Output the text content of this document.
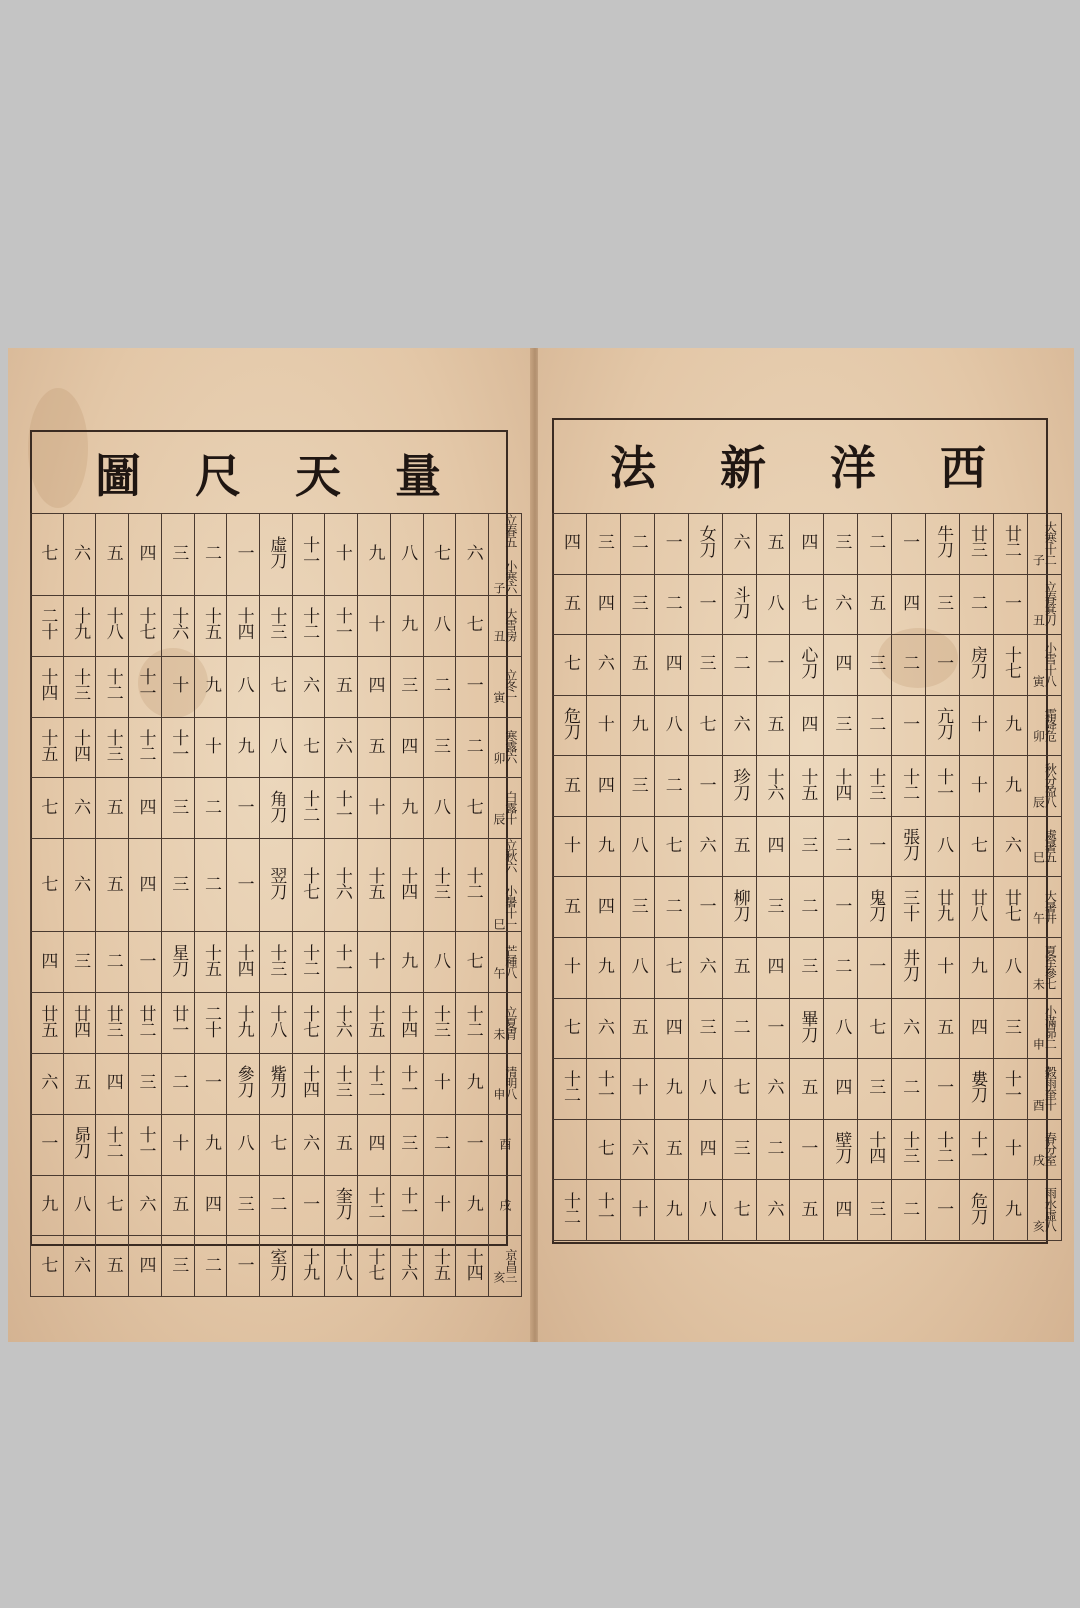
量
天
尺
圖
七	六	五	四	三	二	一	虛刀	十一	十	九	八	七	六	子立春五 小寒六
二十	十九	十八	十七	十六	十五	十四	十三	十二	十一	十	九	八	七	丑大雪房
十四	十三	十二	十一	十	九	八	七	六	五	四	三	二	一	寅立冬一
十五	十四	十三	十二	十一	十	九	八	七	六	五	四	三	二	卯寒露六
七	六	五	四	三	二	一	角刀	十二	十一	十	九	八	七	辰白露十
七	六	五	四	三	二	一	翌刀	十七	十六	十五	十四	十三	十二	巳立秋六 小暑十一
四	三	二	一	星刀	十五	十四	十三	十二	十一	十	九	八	七	午芒種八
廿五	廿四	廿三	廿二	廿一	二十	十九	十八	十七	十六	十五	十四	十三	十二	未立夏胃
六	五	四	三	二	一	參刀	觜刀	十四	十三	十二	十一	十	九	申清明八
一	昴刀	十二	十一	十	九	八	七	六	五	四	三	二	一	酉
九	八	七	六	五	四	三	二	一	奎刀	十二	十一	十	九	戌
七	六	五	四	三	二	一	室刀	十九	十八	十七	十六	十五	十四	亥京昌三
西
洋
新
法
四	三	二	一	女刀	六	五	四	三	二	一	牛刀	廿三	廿二	子大寒十二
五	四	三	二	一	斗刀	八	七	六	五	四	三	二	一	丑立春箕刀
七	六	五	四	三	二	一	心刀	四	三	二	一	房刀	十七	寅小雪十八
危刀	十	九	八	七	六	五	四	三	二	一	亢刀	十	九	卯霜降危
五	四	三	二	一	珍刀	十六	十五	十四	十三	十二	十一	十	九	辰秋分盈八
十	九	八	七	六	五	四	三	二	一	張刀	八	七	六	巳處暑五
五	四	三	二	一	柳刀	三	二	一	鬼刀	三十	廿九	廿八	廿七	午大暑井
十	九	八	七	六	五	四	三	二	一	井刀	十	九	八	未夏至參七
七	六	五	四	三	二	一	畢刀	八	七	六	五	四	三	申小滿昴二
十二	十一	十	九	八	七	六	五	四	三	二	一	婁刀	十一	酉穀雨奎十
	七	六	五	四	三	二	一	壁刀	十四	十三	十二	十一	十	戌春分室
十二	十一	十	九	八	七	六	五	四	三	二	一	危刀	九	亥雨水虛八
